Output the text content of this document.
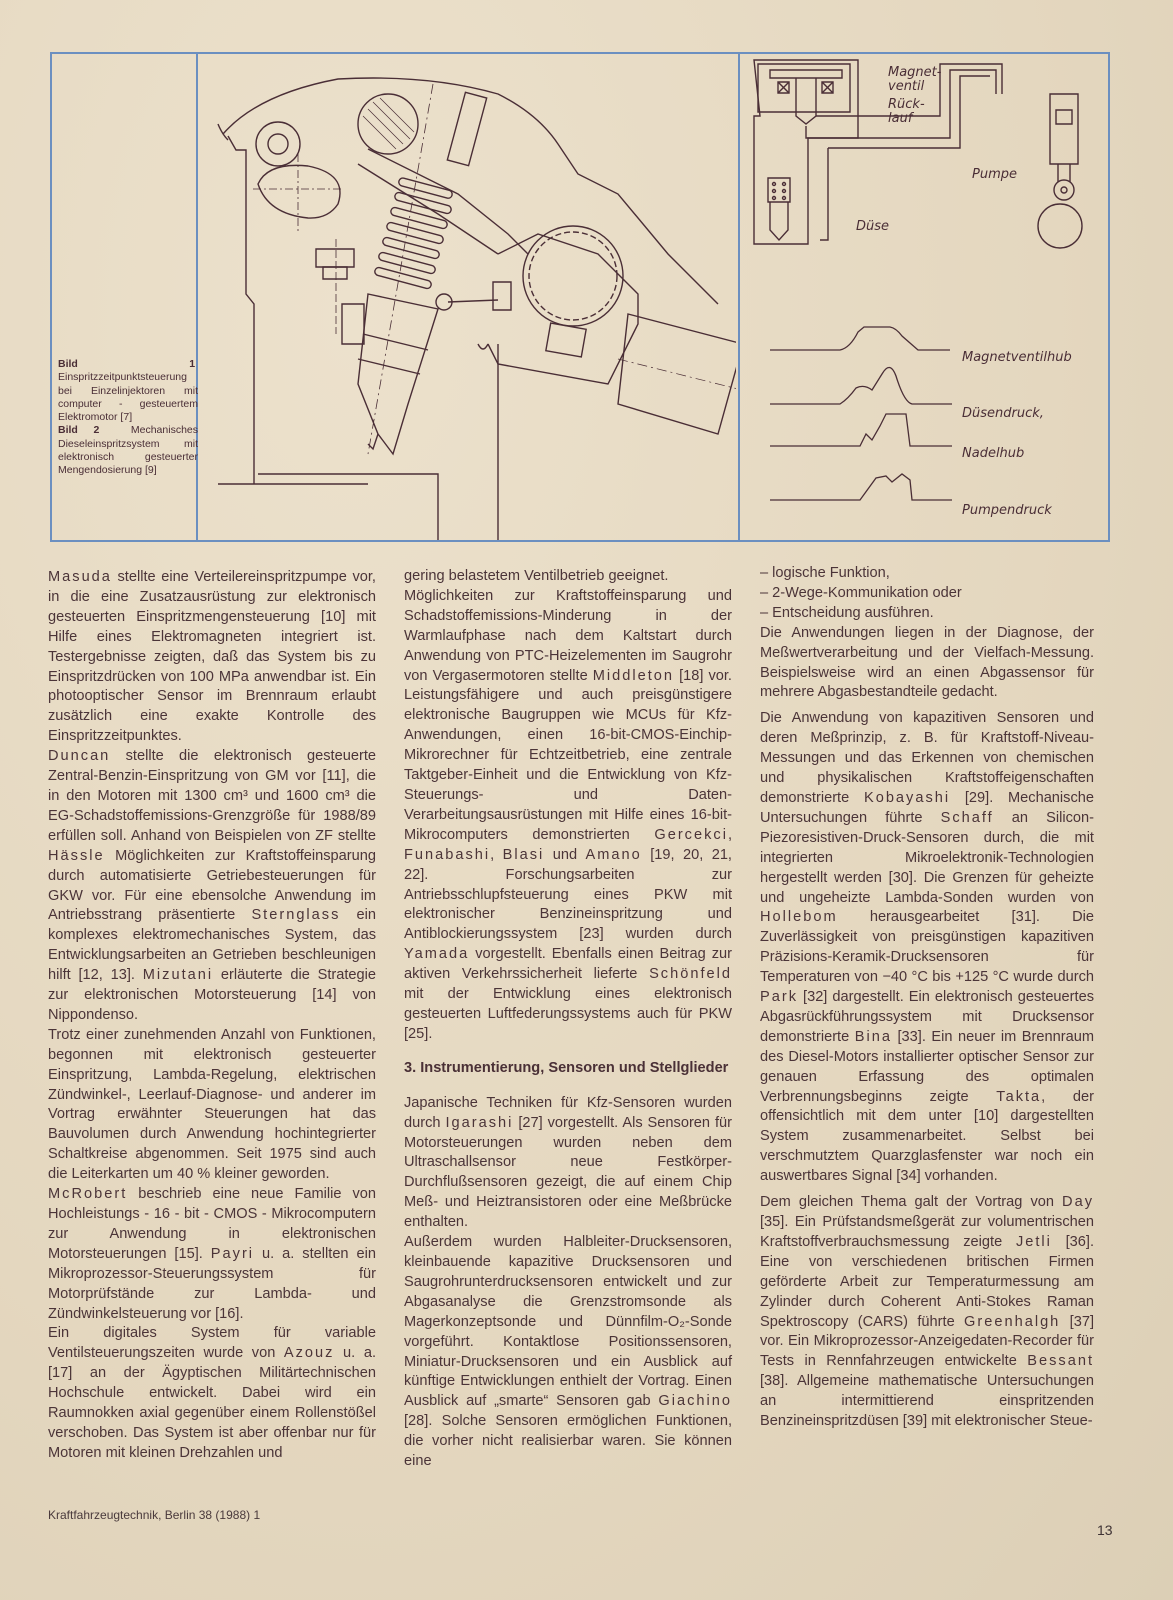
Bild 1  Einspritzzeitpunktsteuerung bei Einzelinjektoren mit computer - gesteuertem Elektromotor [7]
Bild 2	Mechanisches Dieseleinspritzsystem mit elektronisch gesteuerter Mengendosierung [9]
Magnet-
ventil
Rück-
lauf
Pumpe
Düse
Magnetventilhub
Düsendruck,
Nadelhub
Pumpendruck

Masuda stellte eine Verteilereinspritzpumpe vor, in die eine Zusatzausrüstung zur elektronisch gesteuerten Einspritzmengensteuerung [10] mit Hilfe eines Elektromagneten integriert ist. Testergebnisse zeigten, daß das System bis zu Einspritzdrücken von 100 MPa anwendbar ist. Ein photooptischer Sensor im Brennraum erlaubt zusätzlich eine exakte Kontrolle des Einspritzzeitpunktes.

Duncan stellte die elektronisch gesteuerte Zentral-Benzin-Einspritzung von GM vor [11], die in den Motoren mit 1300 cm³ und 1600 cm³ die EG-Schadstoffemissions-Grenzgröße für 1988/89 erfüllen soll. Anhand von Beispielen von ZF stellte Hässle Möglichkeiten zur Kraftstoffeinsparung durch automatisierte Getriebesteuerungen für GKW vor. Für eine ebensolche Anwendung im Antriebsstrang präsentierte Sternglass ein komplexes elektromechanisches System, das Entwicklungsarbeiten an Getrieben beschleunigen hilft [12, 13]. Mizutani erläuterte die Strategie zur elektronischen Motorsteuerung [14] von Nippondenso.

Trotz einer zunehmenden Anzahl von Funktionen, begonnen mit elektronisch gesteuerter Einspritzung, Lambda-Regelung, elektrischen Zündwinkel-, Leerlauf-Diagnose- und anderer im Vortrag erwähnter Steuerungen hat das Bauvolumen durch Anwendung hochintegrierter Schaltkreise abgenommen. Seit 1975 sind auch die Leiterkarten um 40 % kleiner geworden.

McRobert beschrieb eine neue Familie von Hochleistungs - 16 - bit - CMOS - Mikrocomputern zur Anwendung in elektronischen Motorsteuerungen [15]. Payri u. a. stellten ein Mikroprozessor-Steuerungssystem für Motorprüfstände zur Lambda- und Zündwinkelsteuerung vor [16].

Ein digitales System für variable Ventilsteuerungszeiten wurde von Azouz u. a. [17] an der Ägyptischen Militärtechnischen Hochschule entwickelt. Dabei wird ein Raumnokken axial gegenüber einem Rollenstößel verschoben. Das System ist aber offenbar nur für Motoren mit kleinen Drehzahlen und

gering belastetem Ventilbetrieb geeignet.

Möglichkeiten zur Kraftstoffeinsparung und Schadstoffemissions-Minderung in der Warmlaufphase nach dem Kaltstart durch Anwendung von PTC-Heizelementen im Saugrohr von Vergasermotoren stellte Middleton [18] vor. Leistungsfähigere und auch preisgünstigere elektronische Baugruppen wie MCUs für Kfz-Anwendungen, einen 16-bit-CMOS-Einchip-Mikrorechner für Echtzeitbetrieb, eine zentrale Taktgeber-Einheit und die Entwicklung von Kfz-Steuerungs- und Daten-Verarbeitungsausrüstungen mit Hilfe eines 16-bit-Mikrocomputers demonstrierten Gercekci, Funabashi, Blasi und Amano [19, 20, 21, 22]. Forschungsarbeiten zur Antriebsschlupfsteuerung eines PKW mit elektronischer Benzineinspritzung und Antiblockierungssystem [23] wurden durch Yamada vorgestellt. Ebenfalls einen Beitrag zur aktiven Verkehrssicherheit lieferte Schönfeld mit der Entwicklung eines elektronisch gesteuerten Luftfederungssystems auch für PKW [25].

3. Instrumentierung, Sensoren und Stellglieder

Japanische Techniken für Kfz-Sensoren wurden durch Igarashi [27] vorgestellt. Als Sensoren für Motorsteuerungen wurden neben dem Ultraschallsensor neue Festkörper-Durchflußsensoren gezeigt, die auf einem Chip Meß- und Heiztransistoren oder eine Meßbrücke enthalten.

Außerdem wurden Halbleiter-Drucksensoren, kleinbauende kapazitive Drucksensoren und Saugrohrunterdrucksensoren entwickelt und zur Abgasanalyse die Grenzstromsonde als Magerkonzeptsonde und Dünnfilm-O₂-Sonde vorgeführt. Kontaktlose Positionssensoren, Miniatur-Drucksensoren und ein Ausblick auf künftige Entwicklungen enthielt der Vortrag. Einen Ausblick auf „smarte“ Sensoren gab Giachino [28]. Solche Sensoren ermöglichen Funktionen, die vorher nicht realisierbar waren. Sie können eine

– logische Funktion,
– 2-Wege-Kommunikation oder
– Entscheidung ausführen.

Die Anwendungen liegen in der Diagnose, der Meßwertverarbeitung und der Vielfach-Messung. Beispielsweise wird an einen Abgassensor für mehrere Abgasbestandteile gedacht.

Die Anwendung von kapazitiven Sensoren und deren Meßprinzip, z. B. für Kraftstoff-Niveau-Messungen und das Erkennen von chemischen und physikalischen Kraftstoffeigenschaften demonstrierte Kobayashi [29]. Mechanische Untersuchungen führte Schaff an Silicon-Piezoresistiven-Druck-Sensoren durch, die mit integrierten Mikroelektronik-Technologien hergestellt werden [30]. Die Grenzen für geheizte und ungeheizte Lambda-Sonden wurden von Hollebom herausgearbeitet [31]. Die Zuverlässigkeit von preisgünstigen kapazitiven Präzisions-Keramik-Drucksensoren für Temperaturen von −40 °C bis +125 °C wurde durch Park [32] dargestellt. Ein elektronisch gesteuertes Abgasrückführungssystem mit Drucksensor demonstrierte Bina [33]. Ein neuer im Brennraum des Diesel-Motors installierter optischer Sensor zur genauen Erfassung des optimalen Verbrennungsbeginns zeigte Takta, der offensichtlich mit dem unter [10] dargestellten System zusammenarbeitet. Selbst bei verschmutztem Quarzglasfenster war noch ein auswertbares Signal [34] vorhanden.

Dem gleichen Thema galt der Vortrag von Day [35]. Ein Prüfstandsmeßgerät zur volumentrischen Kraftstoffverbrauchsmessung zeigte Jetli [36]. Eine von verschiedenen britischen Firmen geförderte Arbeit zur Temperaturmessung am Zylinder durch Coherent Anti-Stokes Raman Spektroscopy (CARS) führte Greenhalgh [37] vor. Ein Mikroprozessor-Anzeigedaten-Recorder für Tests in Rennfahrzeugen entwickelte Bessant [38]. Allgemeine mathematische Untersuchungen an intermittierend einspritzenden Benzineinspritzdüsen [39] mit elektronischer Steue-

Kraftfahrzeugtechnik, Berlin 38 (1988) 1
13
